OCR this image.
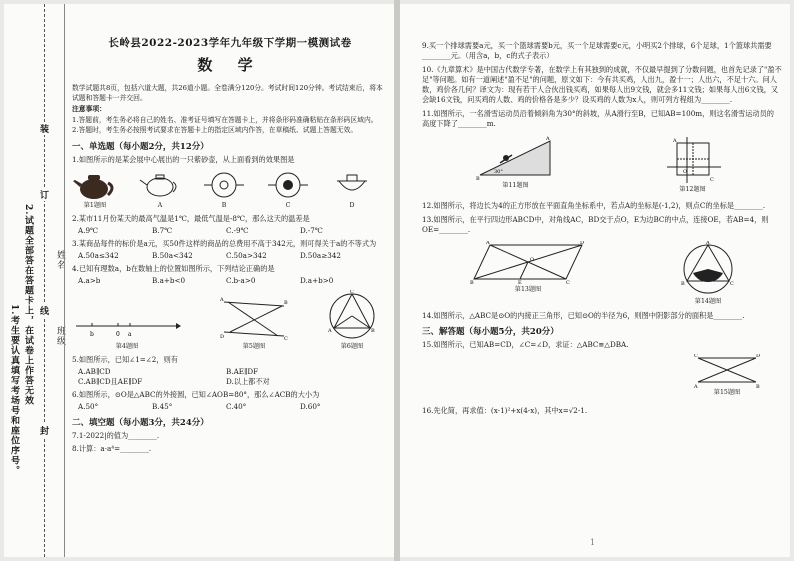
1.考生要认真填写考场号和座位序号。 2.试题全部答在答题卡上，在试卷上作答无效
装
订
线
封
姓名
班级
长岭县2022-2023学年九年级下学期一模测试卷
数 学
数学试题共8页，包括六道大题，共26道小题。全卷满分120分。考试时间120分钟。考试结束后，将本试题和答题卡一并交回。
注意事项：
1.答题前，考生务必将自己的姓名、准考证号填写在答题卡上，并将条形码准确粘贴在条形码区域内。
2.答题时，考生务必按照考试要求在答题卡上的指定区域内作答，在草稿纸、试题上答题无效。
一、单选题（每小题2分，共12分）
1.如图所示的是某会展中心展出的一只紫砂壶，从上面看到的效果图是
第1题图	A	B	C	D
2.某市11月份某天的最高气温是1℃，最低气温是-8℃，那么这天的温差是
A.9℃	B.7℃	C.-9℃	D.-7℃
3.某商品每件的标价是a元，买50件这样的商品的总费用不高于342元，则可得关于a的不等式为
A.50a≤342	B.50a<342	C.50a>342	D.50a≥342
4.已知有理数a，b在数轴上的位置如图所示，下列结论正确的是
A.a>b	B.a+b<0	C.b-a>0	D.a+b>0
b	0 a
第4题图
A
D
B
C
第5题图
C
A	B
第6题图
5.如图所示，已知∠1=∠2，则有
A.AB∥CD	B.AE∥DF
C.AB∥CD且AE∥DF	D.以上都不对
6.如图所示，⊙O是△ABC的外接圆，已知∠AOB=80°，那么∠ACB的大小为
A.50°	B.45°	C.40°	D.60°
二、填空题（每小题3分，共24分）
7.1-2022|的值为________.
8.计算：a·a⁴=________.
9.买一个排球需要a元，买一个篮球需要b元，买一个足球需要c元，小明买2个排球，6个足球，1个篮球共需要________元。（用含a，b，c的式子表示）
10.《九章算术》是中国古代数学专著，在数学上有其独到的成就，不仅最早提到了分数问题，也首先记录了"盈不足"等问题。如有一道阐述"盈不足"的问题，原文如下：今有共买鸡，人出九，盈十一；人出六，不足十六。问人数，鸡价各几何？译文为：现有若干人合伙出钱买鸡，如果每人出9文钱，就会多11文钱；如果每人出6文钱，又会缺16文钱，问买鸡的人数、鸡的价格各是多少？设买鸡的人数为x人，则可列方程组为________.
11.如图所示，一名滑雪运动员沿着倾斜角为30°的斜坡，从A滑行至B，已知AB=100m，则这名滑雪运动员的高度下降了________m.
A
B
30°
第11题图
O
A
C
第12题图
12.如图所示，将边长为4的正方形放在平面直角坐标系中，若点A的坐标是(-1,2)，则点C的坐标是________.
13.如图所示，在平行四边形ABCD中，对角线AC，BD交于点O，E为边BC的中点，连接OE，若AB=4，则OE=________.
A	D
B	C
E
O
第13题图
A
B	C
第14题图
14.如图所示，△ABC是⊙O的内接正三角形，已知⊙O的半径为6，则图中阴影部分的面积是________.
三、解答题（每小题5分，共20分）
15.如图所示，已知AB=CD，∠C=∠D，求证：△ABC≌△DBA.
C	D
A	B
第15题图
16.先化简，再求值：(x-1)²+x(4-x)，其中x=√2-1.
1
